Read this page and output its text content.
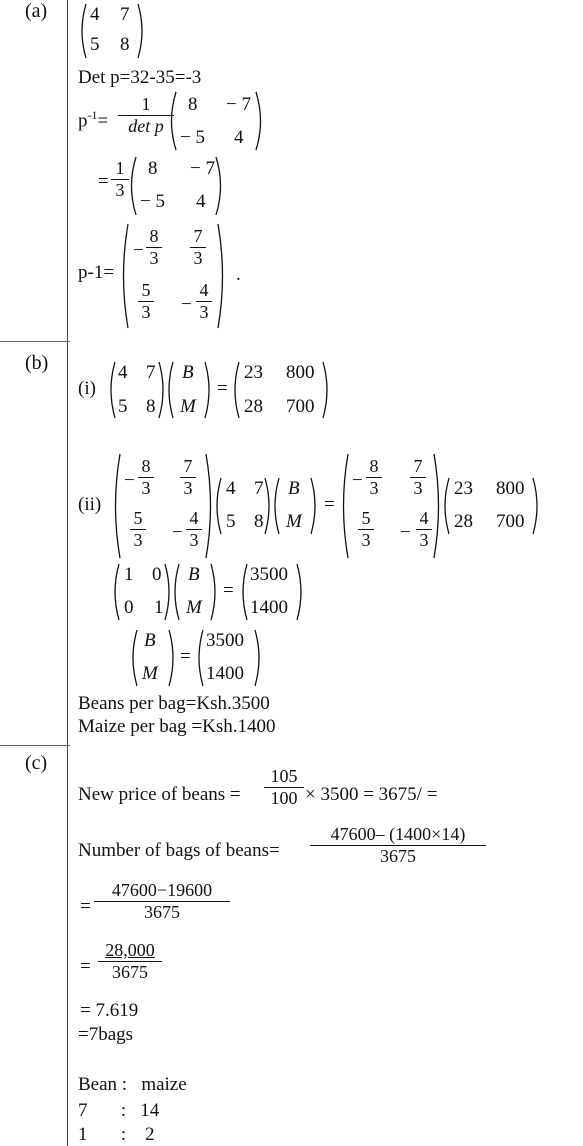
(a)
(b)
(c)
4 7
5 8
Det p=32-35=-3
$p^{-1}=$
1
det p
8 − 7
− 5 4
= $\frac{1}{3} 8 - 7$
− 5 4
p-1=
− $\frac{8}{3} \frac{7}{3}$
$\frac{5}{3} - \frac{4}{3}$
.
(i)
4 7
5 8
B
M
=
23 800
28 700
(ii)
− $\frac{8}{3} \frac{7}{3}$
$\frac{5}{3} - \frac{4}{3}$
4 7
5 8
B
M
=
− $\frac{8}{3} \frac{7}{3}$
$\frac{5}{3} - \frac{4}{3}$
23 800
28 700
1 0
0 1
B
M
=
3500
1400
B
M
=
3500
1400
Beans per bag=Ksh.3500
Maize per bag =Ksh.1400
New price of beans = $\frac{105}{100} \times 3500 = 3675/$ =
Number of bags of beans= $\frac{47600- (1400\times 14)}{3675}$
= $\frac{47600-19600}{3675}$
= $\frac{28,000}{3675}$
= 7.619
=7bags
Bean :   maize
7       :   14
1       :    2
